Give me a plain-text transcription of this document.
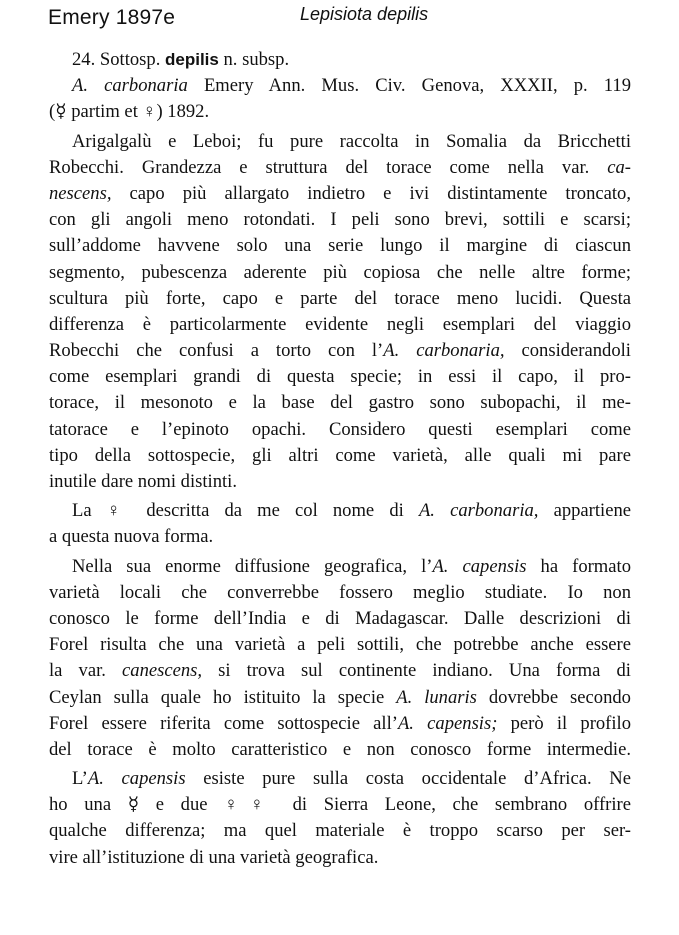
Emery 1897e	Lepisiota depilis
24. Sottosp. depilis n. subsp.
A. carbonaria Emery Ann. Mus. Civ. Genova, XXXII, p. 119
(☿ partim et ♀) 1892.
Arigalgalù e Leboi; fu pure raccolta in Somalia da Bricchetti
Robecchi. Grandezza e struttura del torace come nella var. ca-
nescens, capo più allargato indietro e ivi distintamente troncato,
con gli angoli meno rotondati. I peli sono brevi, sottili e scarsi;
sull’addome havvene solo una serie lungo il margine di ciascun
segmento, pubescenza aderente più copiosa che nelle altre forme;
scultura più forte, capo e parte del torace meno lucidi. Questa
differenza è particolarmente evidente negli esemplari del viaggio
Robecchi che confusi a torto con l’A. carbonaria, considerandoli
come esemplari grandi di questa specie; in essi il capo, il pro-
torace, il mesonoto e la base del gastro sono subopachi, il me-
tatorace e l’epinoto opachi. Considero questi esemplari come
tipo della sottospecie, gli altri come varietà, alle quali mi pare
inutile dare nomi distinti.
La ♀ descritta da me col nome di A. carbonaria, appartiene
a questa nuova forma.
Nella sua enorme diffusione geografica, l’A. capensis ha formato
varietà locali che converrebbe fossero meglio studiate. Io non
conosco le forme dell’India e di Madagascar. Dalle descrizioni di
Forel risulta che una varietà a peli sottili, che potrebbe anche essere
la var. canescens, si trova sul continente indiano. Una forma di
Ceylan sulla quale ho istituito la specie A. lunaris dovrebbe secondo
Forel essere riferita come sottospecie all’A. capensis; però il profilo
del torace è molto caratteristico e non conosco forme intermedie.
L’A. capensis esiste pure sulla costa occidentale d’Africa. Ne
ho una ☿ e due ♀♀ di Sierra Leone, che sembrano offrire
qualche differenza; ma quel materiale è troppo scarso per ser-
vire all’istituzione di una varietà geografica.
